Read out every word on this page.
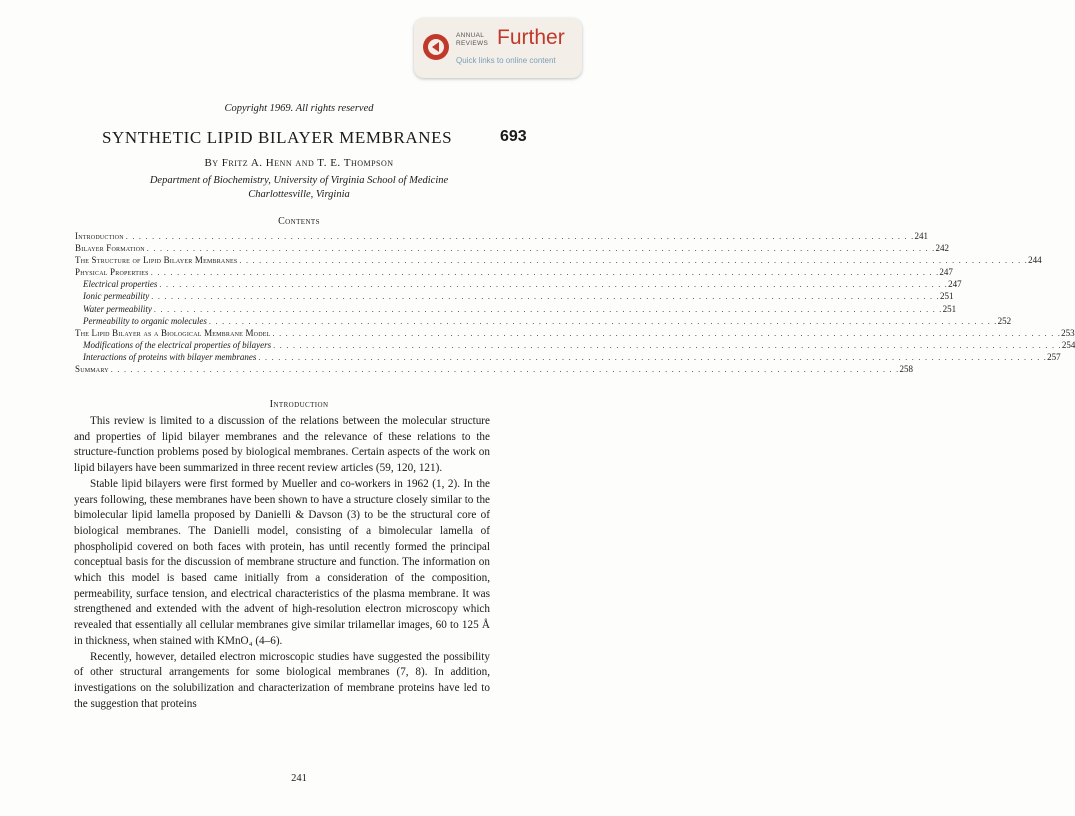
ANNUAL
REVIEWS Further
Quick links to online content
Copyright 1969. All rights reserved
SYNTHETIC LIPID BILAYER MEMBRANES	693
By Fritz A. Henn and T. E. Thompson
Department of Biochemistry, University of Virginia School of Medicine
Charlottesville, Virginia
Contents
Introduction . . . . . . . . . . . . . . . . . . . . . . . . . . . . . . . . . . . . . . . . . . . . . . . . . . . . . . . . . . . . . . . . . . . . . . . . . . . . . . . . . . . . . . . . . . . . . . . . . . . . . . . . . . . . . . . . . . . . . . . . 241
Bilayer Formation . . . . . . . . . . . . . . . . . . . . . . . . . . . . . . . . . . . . . . . . . . . . . . . . . . . . . . . . . . . . . . . . . . . . . . . . . . . . . . . . . . . . . . . . . . . . . . . . . . . . . . . . . . . . . . . . . . . . . . . . 242
The Structure of Lipid Bilayer Membranes . . . . . . . . . . . . . . . . . . . . . . . . . . . . . . . . . . . . . . . . . . . . . . . . . . . . . . . . . . . . . . . . . . . . . . . . . . . . . . . . . . . . . . . . . . . . . . . . . . . . . . . . . . . . . . . . . . . . . . . . 244
Physical Properties . . . . . . . . . . . . . . . . . . . . . . . . . . . . . . . . . . . . . . . . . . . . . . . . . . . . . . . . . . . . . . . . . . . . . . . . . . . . . . . . . . . . . . . . . . . . . . . . . . . . . . . . . . . . . . . . . . . . . . . . 247
Electrical properties . . . . . . . . . . . . . . . . . . . . . . . . . . . . . . . . . . . . . . . . . . . . . . . . . . . . . . . . . . . . . . . . . . . . . . . . . . . . . . . . . . . . . . . . . . . . . . . . . . . . . . . . . . . . . . . . . . . . . . . . 247
Ionic permeability . . . . . . . . . . . . . . . . . . . . . . . . . . . . . . . . . . . . . . . . . . . . . . . . . . . . . . . . . . . . . . . . . . . . . . . . . . . . . . . . . . . . . . . . . . . . . . . . . . . . . . . . . . . . . . . . . . . . . . . . 251
Water permeability . . . . . . . . . . . . . . . . . . . . . . . . . . . . . . . . . . . . . . . . . . . . . . . . . . . . . . . . . . . . . . . . . . . . . . . . . . . . . . . . . . . . . . . . . . . . . . . . . . . . . . . . . . . . . . . . . . . . . . . . 251
Permeability to organic molecules . . . . . . . . . . . . . . . . . . . . . . . . . . . . . . . . . . . . . . . . . . . . . . . . . . . . . . . . . . . . . . . . . . . . . . . . . . . . . . . . . . . . . . . . . . . . . . . . . . . . . . . . . . . . . . . . . . . . . . . . 252
The Lipid Bilayer as a Biological Membrane Model . . . . . . . . . . . . . . . . . . . . . . . . . . . . . . . . . . . . . . . . . . . . . . . . . . . . . . . . . . . . . . . . . . . . . . . . . . . . . . . . . . . . . . . . . . . . . . . . . . . . . . . . . . . . . . . . . . . . . . . . 253
Modifications of the electrical properties of bilayers . . . . . . . . . . . . . . . . . . . . . . . . . . . . . . . . . . . . . . . . . . . . . . . . . . . . . . . . . . . . . . . . . . . . . . . . . . . . . . . . . . . . . . . . . . . . . . . . . . . . . . . . . . . . . . . . . . . . . . . . 254
Interactions of proteins with bilayer membranes . . . . . . . . . . . . . . . . . . . . . . . . . . . . . . . . . . . . . . . . . . . . . . . . . . . . . . . . . . . . . . . . . . . . . . . . . . . . . . . . . . . . . . . . . . . . . . . . . . . . . . . . . . . . . . . . . . . . . . . . 257
Summary . . . . . . . . . . . . . . . . . . . . . . . . . . . . . . . . . . . . . . . . . . . . . . . . . . . . . . . . . . . . . . . . . . . . . . . . . . . . . . . . . . . . . . . . . . . . . . . . . . . . . . . . . . . . . . . . . . . . . . . . 258
Introduction

This review is limited to a discussion of the relations between the molecular structure and properties of lipid bilayer membranes and the relevance of these relations to the structure-function problems posed by biological membranes. Certain aspects of the work on lipid bilayers have been summarized in three recent review articles (59, 120, 121).

Stable lipid bilayers were first formed by Mueller and co-workers in 1962 (1, 2). In the years following, these membranes have been shown to have a structure closely similar to the bimolecular lipid lamella proposed by Danielli & Davson (3) to be the structural core of biological membranes. The Danielli model, consisting of a bimolecular lamella of phospholipid covered on both faces with protein, has until recently formed the principal conceptual basis for the discussion of membrane structure and function. The information on which this model is based came initially from a consideration of the composition, permeability, surface tension, and electrical characteristics of the plasma membrane. It was strengthened and extended with the advent of high-resolution electron microscopy which revealed that essentially all cellular membranes give similar trilamellar images, 60 to 125 Å in thickness, when stained with KMnO₄ (4–6).

Recently, however, detailed electron microscopic studies have suggested the possibility of other structural arrangements for some biological membranes (7, 8). In addition, investigations on the solubilization and characterization of membrane proteins have led to the suggestion that proteins

241
